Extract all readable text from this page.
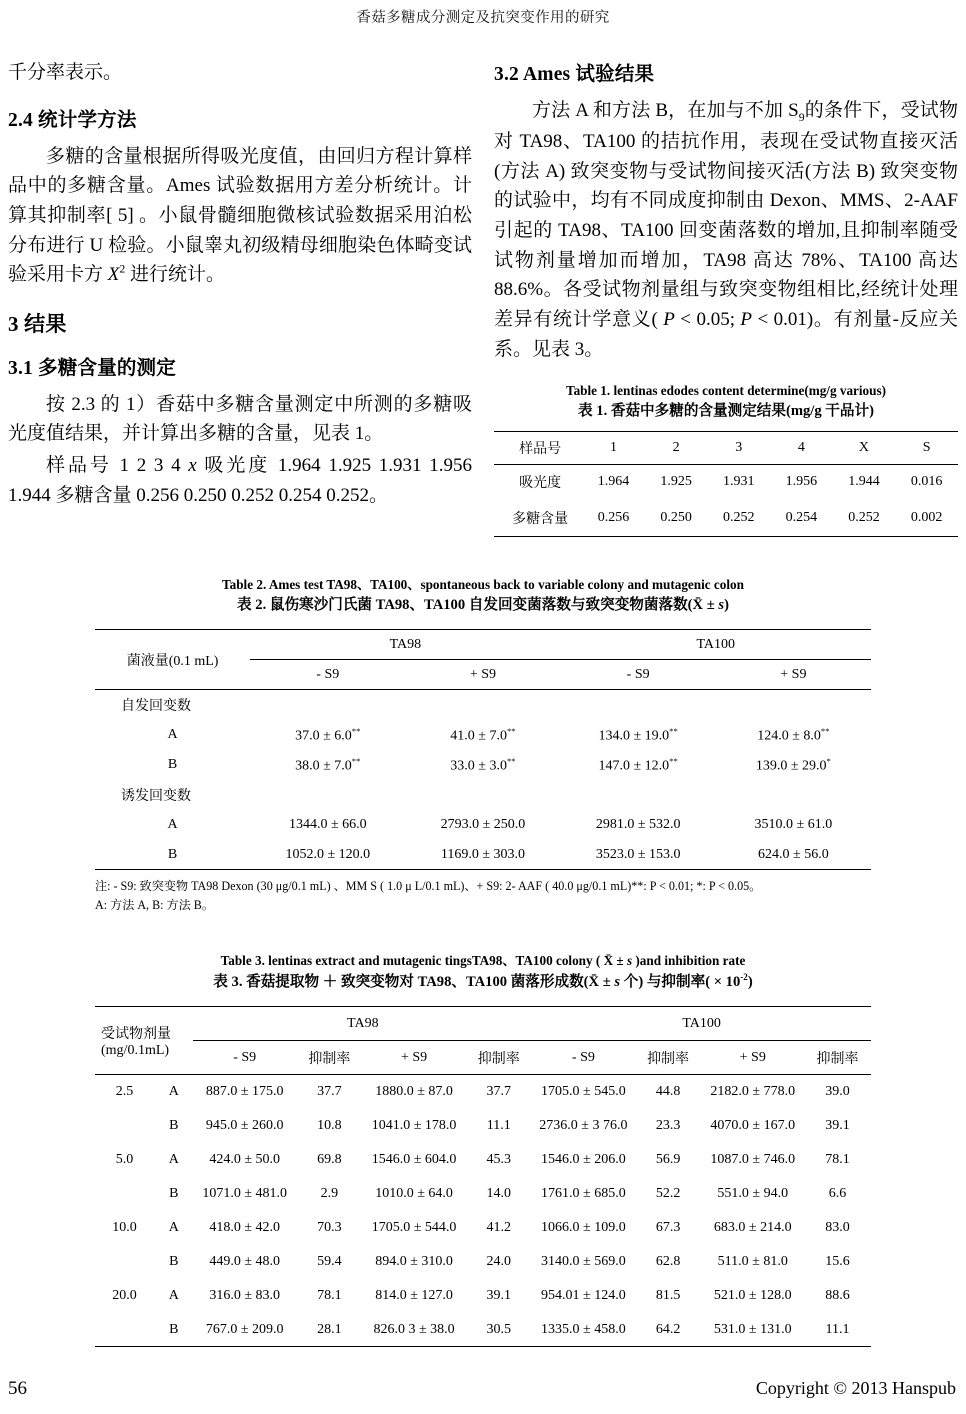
香菇多糖成分测定及抗突变作用的研究

千分率表示。

2.4 统计学方法

多糖的含量根据所得吸光度值，由回归方程计算样品中的多糖含量。Ames 试验数据用方差分析统计。计算其抑制率[ 5] 。小鼠骨髓细胞微核试验数据采用泊松分布进行 U 检验。小鼠睾丸初级精母细胞染色体畸变试验采用卡方 $X^2$ 进行统计。

3 结果
3.1 多糖含量的测定

按 2.3 的 1）香菇中多糖含量测定中所测的多糖吸光度值结果，并计算出多糖的含量，见表 1。

样品号 1 2 3 4 x 吸光度 1.964 1.925 1.931 1.956 1.944 多糖含量 0.256 0.250 0.252 0.254 0.252。

3.2 Ames 试验结果

方法 A 和方法 B，在加与不加 $S_9$的条件下，受试物对 TA98、TA100 的拮抗作用，表现在受试物直接灭活(方法 A) 致突变物与受试物间接灭活(方法 B) 致突变物的试验中，均有不同成度抑制由 Dexon、MMS、2-AAF 引起的 TA98、TA100 回变菌落数的增加,且抑制率随受试物剂量增加而增加，TA98 高达 78%、TA100 高达 88.6%。各受试物剂量组与致突变物组相比,经统计处理差异有统计学意义( P < 0.05; P < 0.01)。有剂量-反应关系。见表 3。

Table 1. lentinas edodes content determine(mg/g various)
表 1. 香菇中多糖的含量测定结果(mg/g 干品计)
样品号	1	2	3	4	X	S
吸光度	1.964	1.925	1.931	1.956	1.944	0.016
多糖含量	0.256	0.250	0.252	0.254	0.252	0.002
Table 2. Ames test TA98、TA100、spontaneous back to variable colony and mutagenic colon
表 2. 鼠伤寒沙门氏菌 TA98、TA100 自发回变菌落数与致突变物菌落数(X̄ ± s)
菌液量(0.1 mL)	TA98		TA100	
	- S9	+ S9	- S9	+ S9
自发回变数				
A	37.0 ± 6.0**	41.0 ± 7.0**	134.0 ± 19.0**	124.0 ± 8.0**
B	38.0 ± 7.0**	33.0 ± 3.0**	147.0 ± 12.0**	139.0 ± 29.0*
诱发回变数				
A	1344.0 ± 66.0	2793.0 ± 250.0	2981.0 ± 532.0	3510.0 ± 61.0
B	1052.0 ± 120.0	1169.0 ± 303.0	3523.0 ± 153.0	624.0 ± 56.0
注: - S9: 致突变物 TA98 Dexon (30 μg/0.1 mL) 、MM S ( 1.0 μ L/0.1 mL)、+ S9: 2- AAF ( 40.0 μg/0.1 mL)**: P < 0.01; *: P < 0.05。
A: 方法 A, B: 方法 B。
Table 3. lentinas extract and mutagenic tingsTA98、TA100 colony ( X̄ ± s )and inhibition rate
表 3. 香菇提取物 ＋ 致突变物对 TA98、TA100 菌落形成数(X̄ ± s 个) 与抑制率( × $10^{-2}$)
受试物剂量
(mg/0.1mL)		TA98				TA100			
		- S9	抑制率	+ S9	抑制率	- S9	抑制率	+ S9	抑制率
2.5	A	887.0 ± 175.0	37.7	1880.0 ± 87.0	37.7	1705.0 ± 545.0	44.8	2182.0 ± 778.0	39.0
	B	945.0 ± 260.0	10.8	1041.0 ± 178.0	11.1	2736.0 ± 3 76.0	23.3	4070.0 ± 167.0	39.1
5.0	A	424.0 ± 50.0	69.8	1546.0 ± 604.0	45.3	1546.0 ± 206.0	56.9	1087.0 ± 746.0	78.1
	B	1071.0 ± 481.0	2.9	1010.0 ± 64.0	14.0	1761.0 ± 685.0	52.2	551.0 ± 94.0	6.6
10.0	A	418.0 ± 42.0	70.3	1705.0 ± 544.0	41.2	1066.0 ± 109.0	67.3	683.0 ± 214.0	83.0
	B	449.0 ± 48.0	59.4	894.0 ± 310.0	24.0	3140.0 ± 569.0	62.8	511.0 ± 81.0	15.6
20.0	A	316.0 ± 83.0	78.1	814.0 ± 127.0	39.1	954.01 ± 124.0	81.5	521.0 ± 128.0	88.6
	B	767.0 ± 209.0	28.1	826.0 3 ± 38.0	30.5	1335.0 ± 458.0	64.2	531.0 ± 131.0	11.1
56	Copyright © 2013 Hanspub
